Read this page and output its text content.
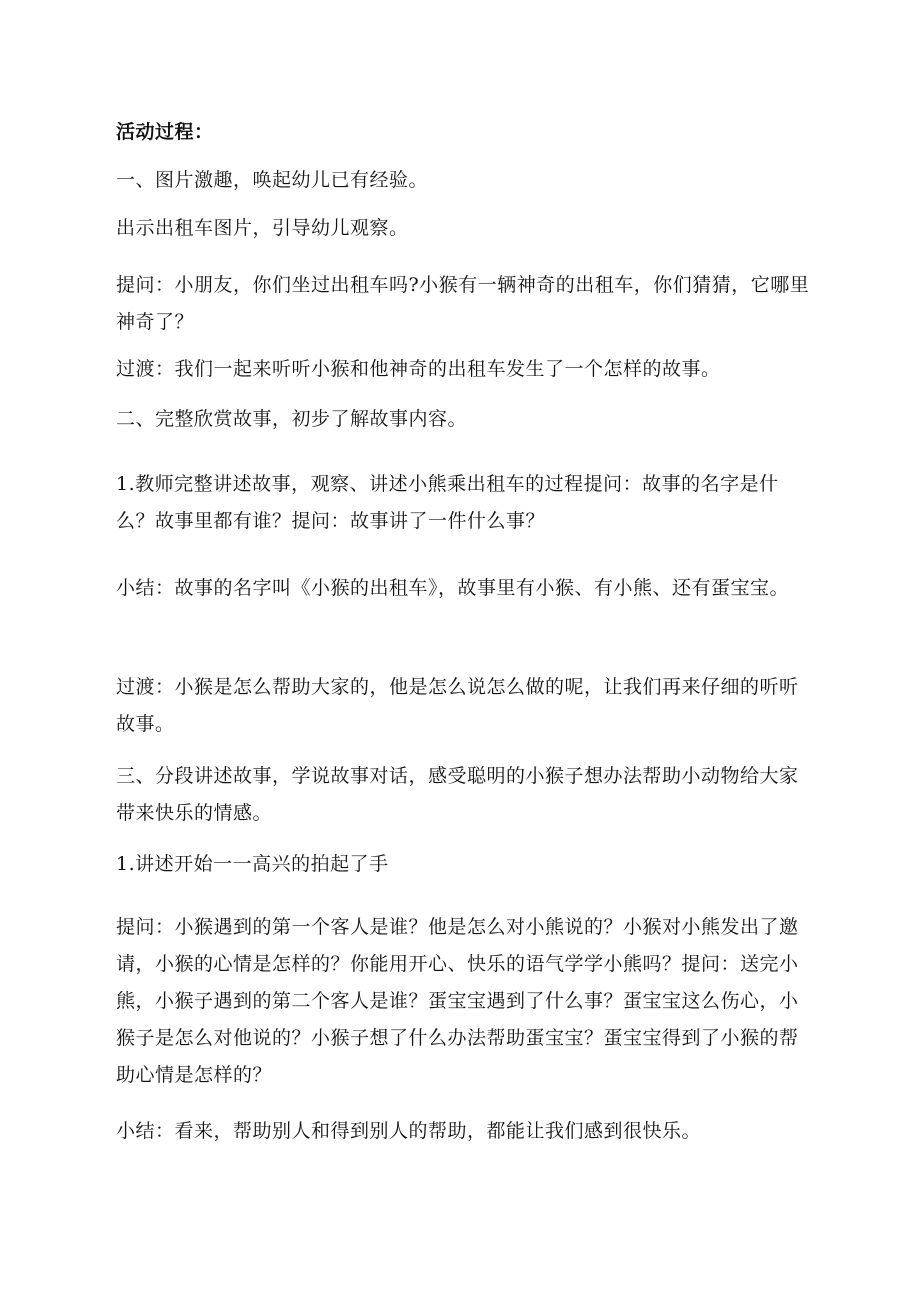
活动过程：

一、图片激趣，唤起幼儿已有经验。

出示出租车图片，引导幼儿观察。

提问：小朋友，你们坐过出租车吗?小猴有一辆神奇的出租车，你们猜猜，它哪里神奇了？

过渡：我们一起来听听小猴和他神奇的出租车发生了一个怎样的故事。

二、完整欣赏故事，初步了解故事内容。

1.教师完整讲述故事，观察、讲述小熊乘出租车的过程提问：故事的名字是什么？故事里都有谁？提问：故事讲了一件什么事？

小结：故事的名字叫《小猴的出租车》，故事里有小猴、有小熊、还有蛋宝宝。

过渡：小猴是怎么帮助大家的，他是怎么说怎么做的呢，让我们再来仔细的听听故事。

三、分段讲述故事，学说故事对话，感受聪明的小猴子想办法帮助小动物给大家带来快乐的情感。

1.讲述开始一一高兴的拍起了手

提问：小猴遇到的第一个客人是谁？他是怎么对小熊说的？小猴对小熊发出了邀请，小猴的心情是怎样的？你能用开心、快乐的语气学学小熊吗？提问：送完小熊，小猴子遇到的第二个客人是谁？蛋宝宝遇到了什么事？蛋宝宝这么伤心，小猴子是怎么对他说的？小猴子想了什么办法帮助蛋宝宝？蛋宝宝得到了小猴的帮助心情是怎样的？

小结：看来，帮助别人和得到别人的帮助，都能让我们感到很快乐。
